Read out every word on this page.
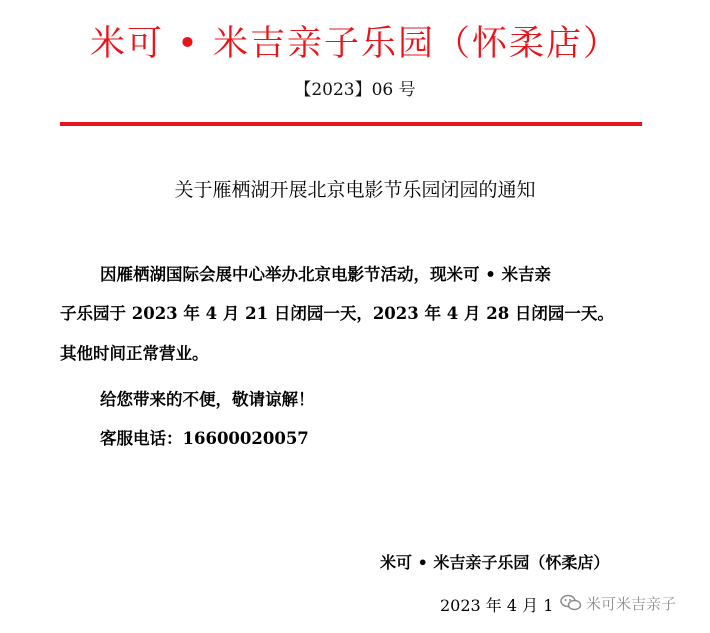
米可 • 米吉亲子乐园（怀柔店）
【2023】06 号
关于雁栖湖开展北京电影节乐园闭园的通知
因雁栖湖国际会展中心举办北京电影节活动，现米可 • 米吉亲
子乐园于 2023 年 4 月 21 日闭园一天，2023 年 4 月 28 日闭园一天。
其他时间正常营业。
给您带来的不便，敬请谅解！
客服电话：16600020057
米可 • 米吉亲子乐园（怀柔店）
2023 年 4 月 1 米可米吉亲子
